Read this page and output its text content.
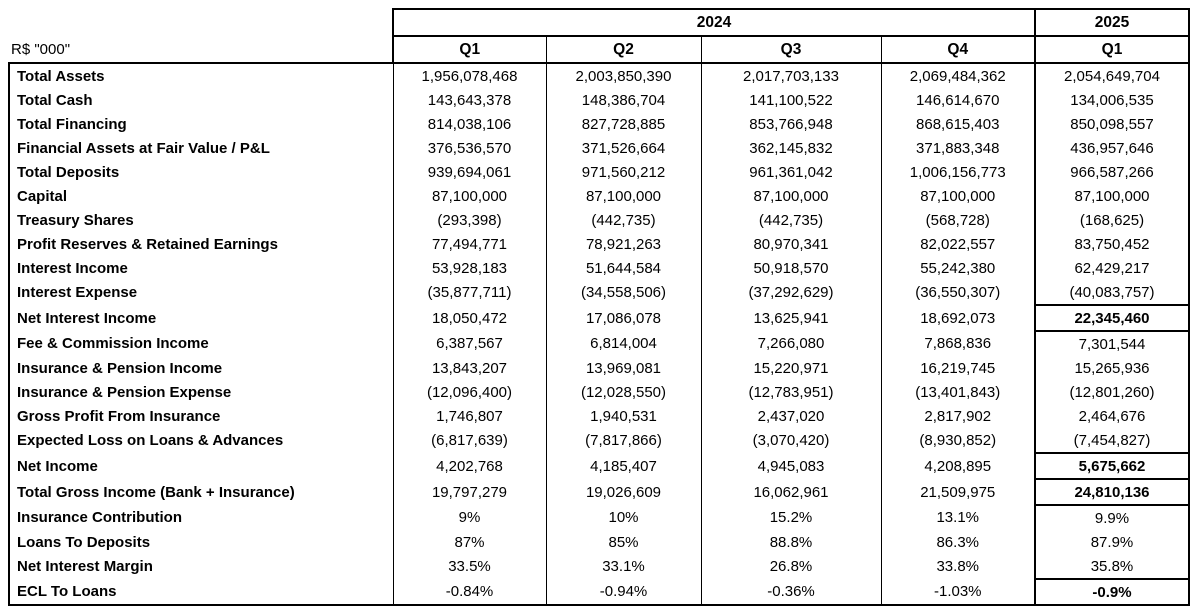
	2024				2025
R$ "000"	Q1	Q2	Q3	Q4	Q1
Total Assets	1,956,078,468	2,003,850,390	2,017,703,133	2,069,484,362	2,054,649,704
Total Cash	143,643,378	148,386,704	141,100,522	146,614,670	134,006,535
Total Financing	814,038,106	827,728,885	853,766,948	868,615,403	850,098,557
Financial Assets at Fair Value / P&L	376,536,570	371,526,664	362,145,832	371,883,348	436,957,646
Total Deposits	939,694,061	971,560,212	961,361,042	1,006,156,773	966,587,266
Capital	87,100,000	87,100,000	87,100,000	87,100,000	87,100,000
Treasury Shares	(293,398)	(442,735)	(442,735)	(568,728)	(168,625)
Profit Reserves & Retained Earnings	77,494,771	78,921,263	80,970,341	82,022,557	83,750,452
Interest Income	53,928,183	51,644,584	50,918,570	55,242,380	62,429,217
Interest Expense	(35,877,711)	(34,558,506)	(37,292,629)	(36,550,307)	(40,083,757)
Net Interest Income	18,050,472	17,086,078	13,625,941	18,692,073	22,345,460
Fee & Commission Income	6,387,567	6,814,004	7,266,080	7,868,836	7,301,544
Insurance & Pension Income	13,843,207	13,969,081	15,220,971	16,219,745	15,265,936
Insurance & Pension Expense	(12,096,400)	(12,028,550)	(12,783,951)	(13,401,843)	(12,801,260)
Gross Profit From Insurance	1,746,807	1,940,531	2,437,020	2,817,902	2,464,676
Expected Loss on Loans & Advances	(6,817,639)	(7,817,866)	(3,070,420)	(8,930,852)	(7,454,827)
Net Income	4,202,768	4,185,407	4,945,083	4,208,895	5,675,662
Total Gross Income (Bank + Insurance)	19,797,279	19,026,609	16,062,961	21,509,975	24,810,136
Insurance Contribution	9%	10%	15.2%	13.1%	9.9%
Loans To Deposits	87%	85%	88.8%	86.3%	87.9%
Net Interest Margin	33.5%	33.1%	26.8%	33.8%	35.8%
ECL To Loans	-0.84%	-0.94%	-0.36%	-1.03%	-0.9%
